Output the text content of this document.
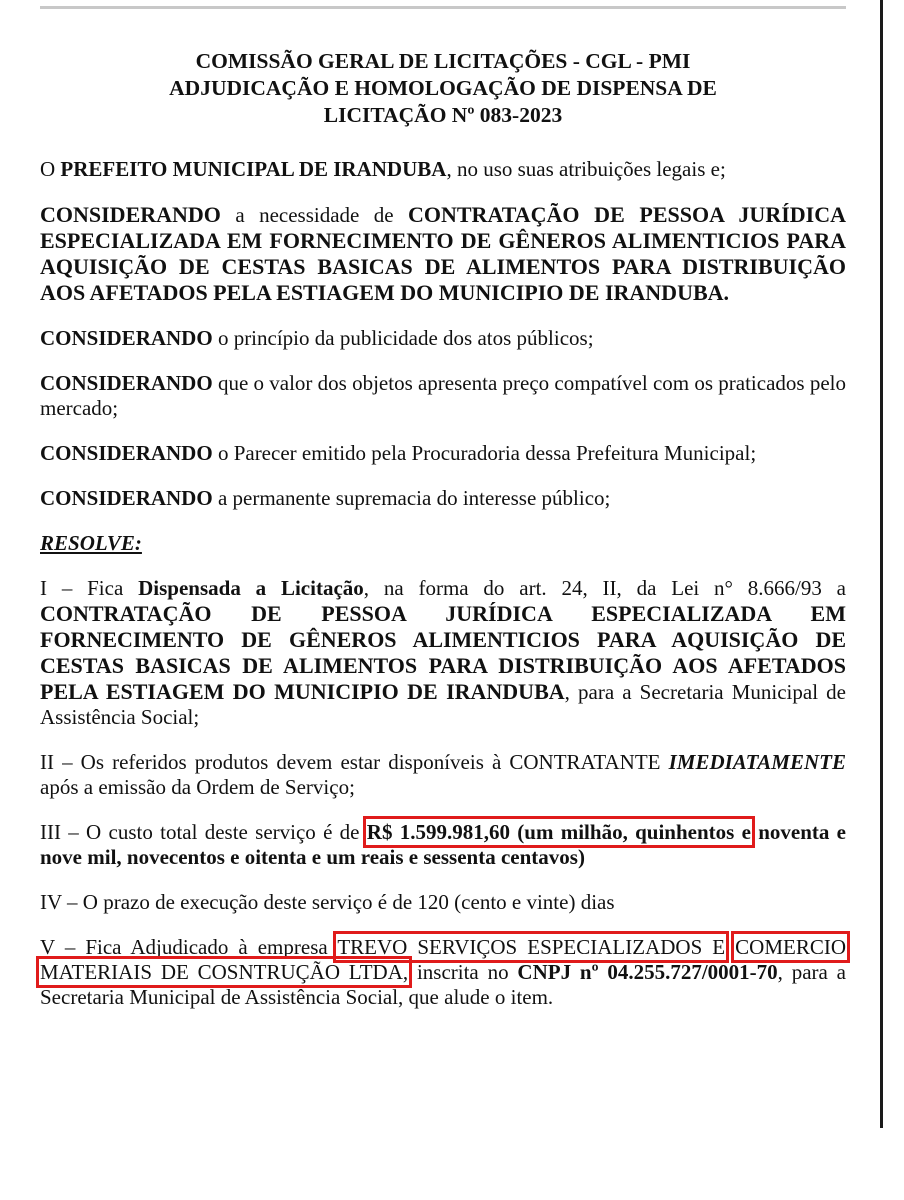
COMISSÃO GERAL DE LICITAÇÕES - CGL - PMI
ADJUDICAÇÃO E HOMOLOGAÇÃO DE DISPENSA DE
LICITAÇÃO Nº 083-2023

O PREFEITO MUNICIPAL DE IRANDUBA, no uso suas atribuições legais e;

CONSIDERANDO a necessidade de CONTRATAÇÃO DE PESSOA JURÍDICA ESPECIALIZADA EM FORNECIMENTO DE GÊNEROS ALIMENTICIOS PARA AQUISIÇÃO DE CESTAS BASICAS DE ALIMENTOS PARA DISTRIBUIÇÃO AOS AFETADOS PELA ESTIAGEM DO MUNICIPIO DE IRANDUBA.

CONSIDERANDO o princípio da publicidade dos atos públicos;

CONSIDERANDO que o valor dos objetos apresenta preço compatível com os praticados pelo mercado;

CONSIDERANDO o Parecer emitido pela Procuradoria dessa Prefeitura Municipal;

CONSIDERANDO a permanente supremacia do interesse público;

RESOLVE:

I – Fica Dispensada a Licitação, na forma do art. 24, II, da Lei n° 8.666/93 a CONTRATAÇÃO DE PESSOA JURÍDICA ESPECIALIZADA EM FORNECIMENTO DE GÊNEROS ALIMENTICIOS PARA AQUISIÇÃO DE CESTAS BASICAS DE ALIMENTOS PARA DISTRIBUIÇÃO AOS AFETADOS PELA ESTIAGEM DO MUNICIPIO DE IRANDUBA, para a Secretaria Municipal de Assistência Social;

II – Os referidos produtos devem estar disponíveis à CONTRATANTE IMEDIATAMENTE após a emissão da Ordem de Serviço;

III – O custo total deste serviço é de R$ 1.599.981,60 (um milhão, quinhentos e noventa e nove mil, novecentos e oitenta e um reais e sessenta centavos)

IV – O prazo de execução deste serviço é de 120 (cento e vinte) dias

V – Fica Adjudicado à empresa TREVO SERVIÇOS ESPECIALIZADOS E COMERCIO MATERIAIS DE COSNTRUÇÃO LTDA, inscrita no CNPJ nº 04.255.727/0001-70, para a Secretaria Municipal de Assistência Social, que alude o item.
